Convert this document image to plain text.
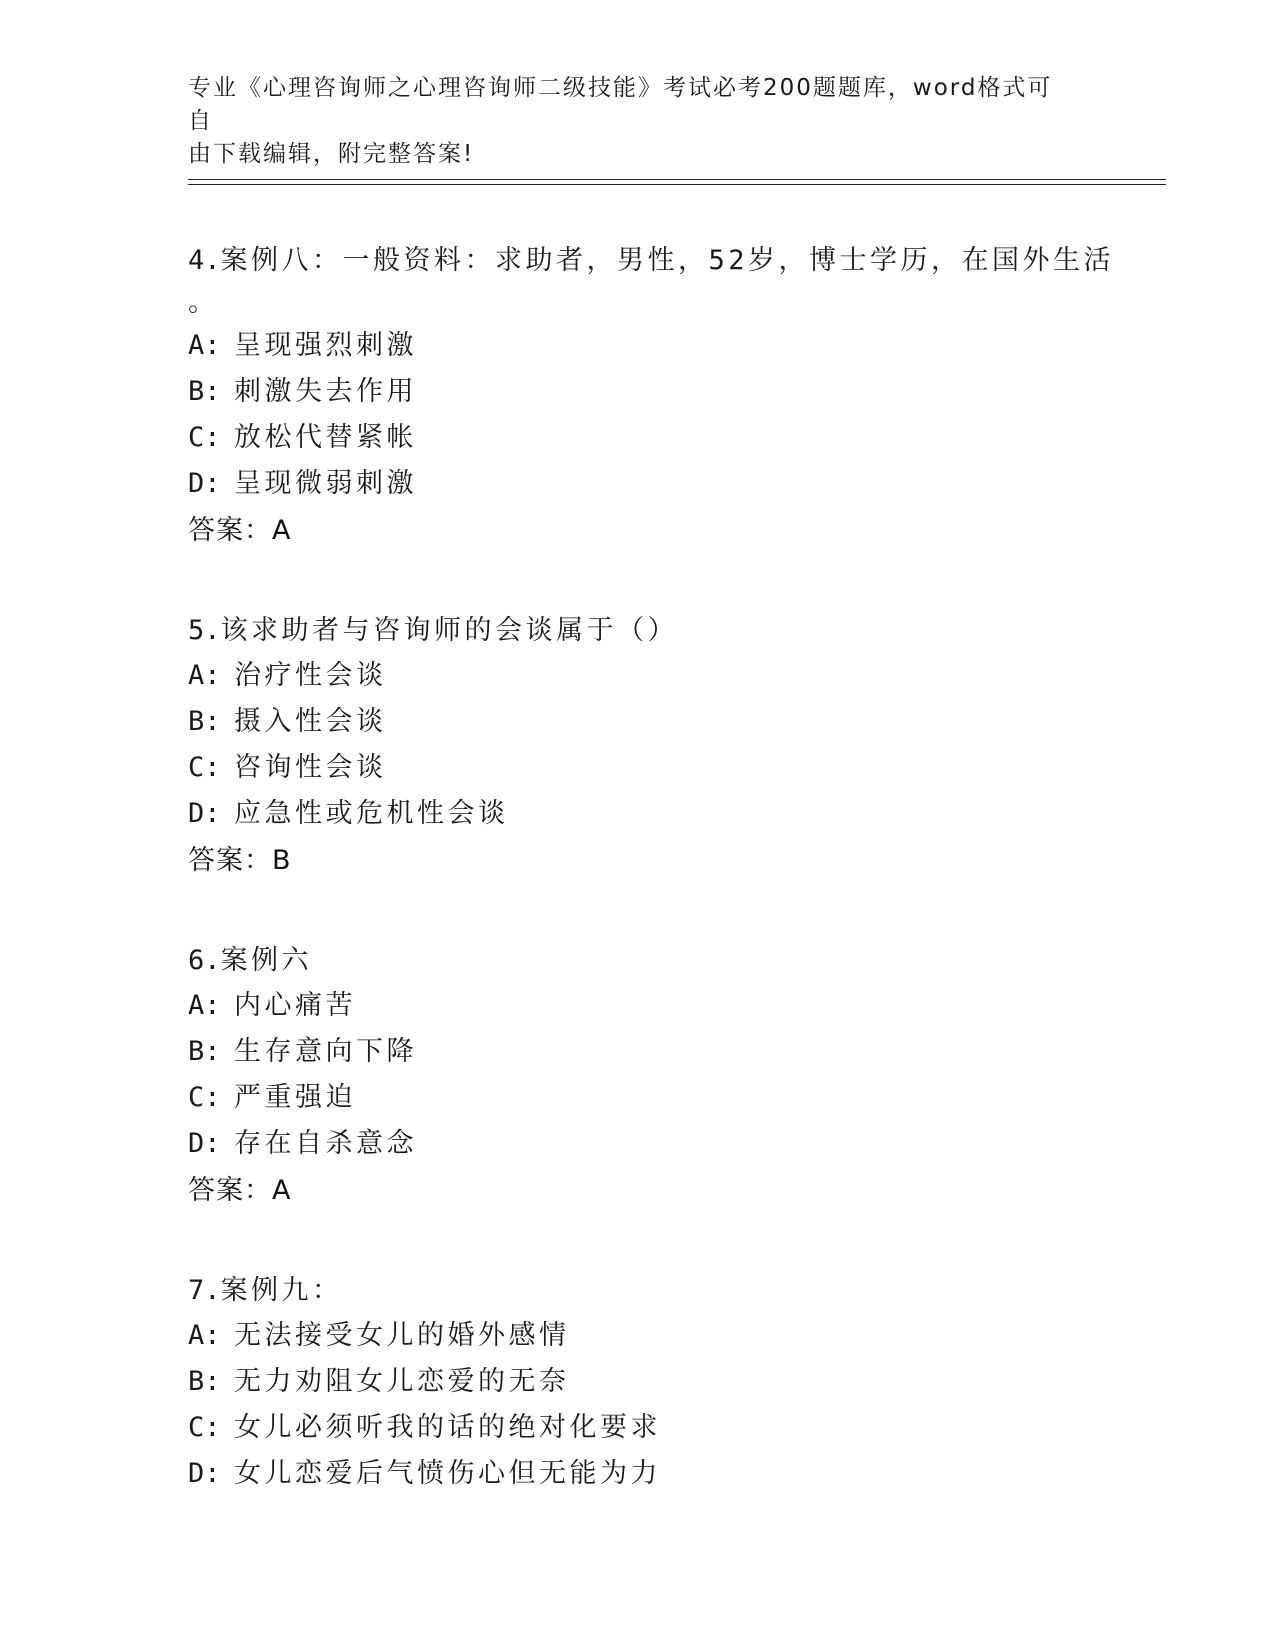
专业《心理咨询师之心理咨询师二级技能》考试必考200题题库，word格式可自
由下载编辑，附完整答案!
4. 案例八：一般资料：求助者，男性，52岁，博士学历，在国外生活
。
A: 呈现强烈刺激
B: 刺激失去作用
C: 放松代替紧帐
D: 呈现微弱刺激
答案：A
5. 该求助者与咨询师的会谈属于（）
A: 治疗性会谈
B: 摄入性会谈
C: 咨询性会谈
D: 应急性或危机性会谈
答案：B
6. 案例六
A: 内心痛苦
B: 生存意向下降
C: 严重强迫
D: 存在自杀意念
答案：A
7. 案例九：
A: 无法接受女儿的婚外感情
B: 无力劝阻女儿恋爱的无奈
C: 女儿必须听我的话的绝对化要求
D: 女儿恋爱后气愤伤心但无能为力
